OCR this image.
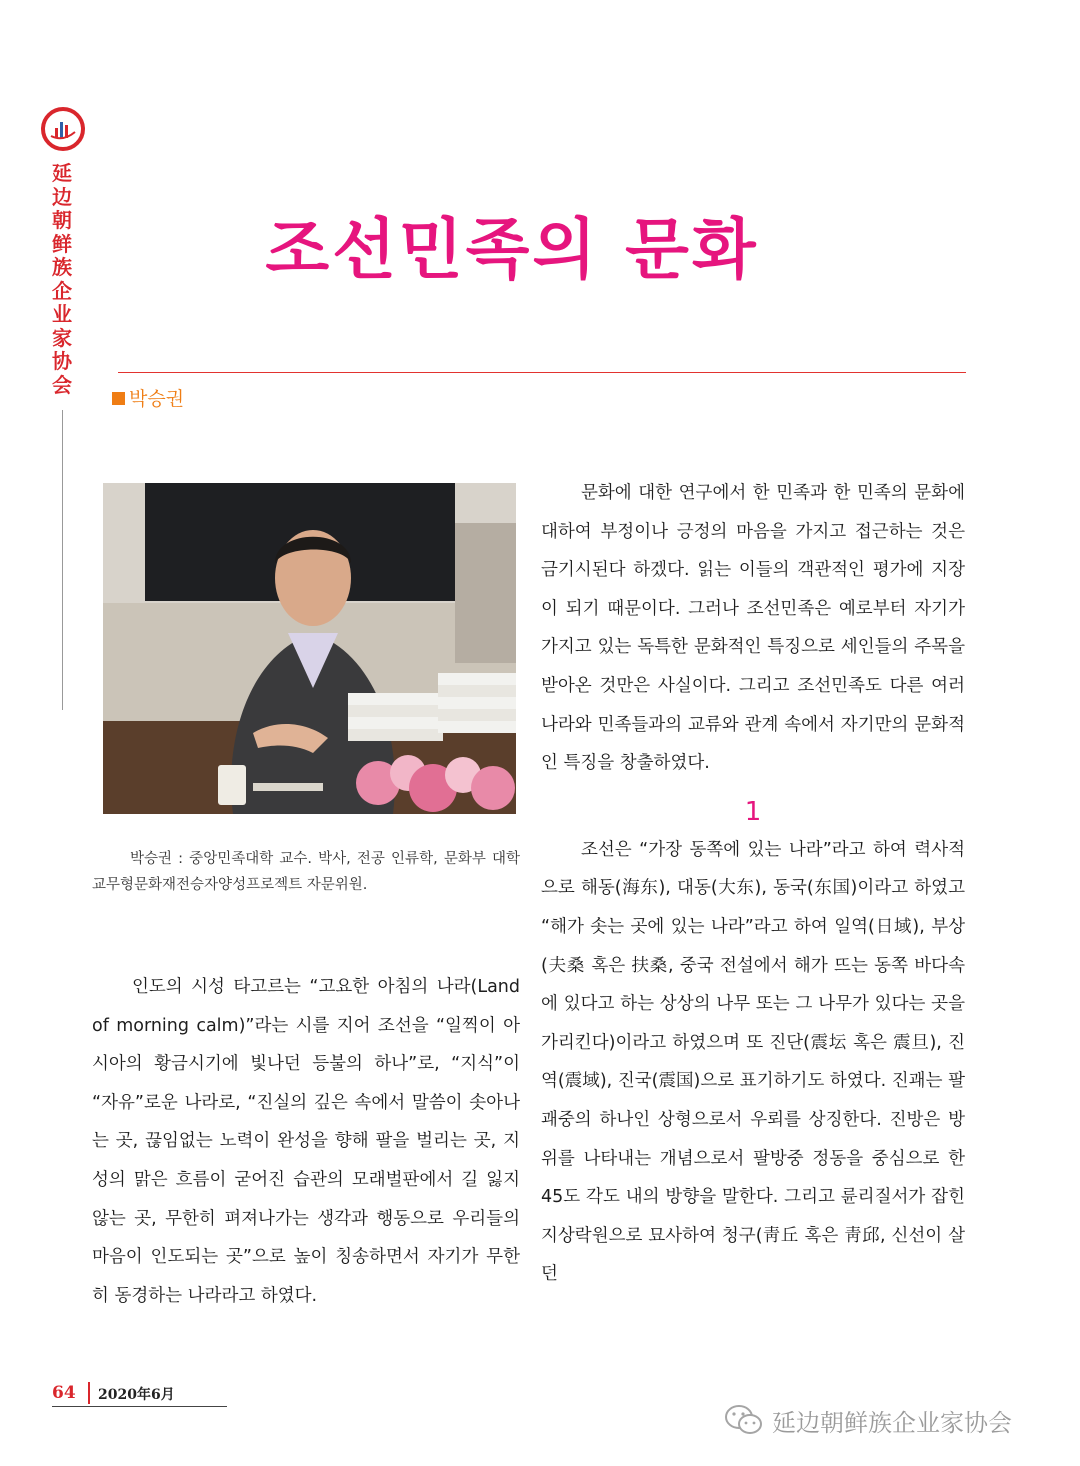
延
边
朝
鲜
族
企
业
家
协
会
조선민족의 문화
박승권
박승권 : 중앙민족대학 교수. 박사, 전공 인류학, 문화부 대학교무형문화재전승자양성프로젝트 자문위원.
인도의 시성 타고르는 “고요한 아침의 나라(Land of morning calm)”라는 시를 지어 조선을 “일찍이 아시아의 황금시기에 빛나던 등불의 하나”로, “지식”이 “자유”로운 나라로, “진실의 깊은 속에서 말씀이 솟아나는 곳, 끊임없는 노력이 완성을 향해 팔을 벌리는 곳, 지성의 맑은 흐름이 굳어진 습관의 모래벌판에서 길 잃지 않는 곳, 무한히 펴져나가는 생각과 행동으로 우리들의 마음이 인도되는 곳”으로 높이 칭송하면서 자기가 무한히 동경하는 나라라고 하였다.

문화에 대한 연구에서 한 민족과 한 민족의 문화에 대하여 부정이나 긍정의 마음을 가지고 접근하는 것은 금기시된다 하겠다. 읽는 이들의 객관적인 평가에 지장이 되기 때문이다. 그러나 조선민족은 예로부터 자기가 가지고 있는 독특한 문화적인 특징으로 세인들의 주목을 받아온 것만은 사실이다. 그리고 조선민족도 다른 여러 나라와 민족들과의 교류와 관계 속에서 자기만의 문화적인 특징을 창출하였다.

1

조선은 “가장 동쪽에 있는 나라”라고 하여 력사적으로 해동(海东), 대동(大东), 동국(东国)이라고 하였고 “해가 솟는 곳에 있는 나라”라고 하여 일역(日域), 부상(夫桑 혹은 扶桑, 중국 전설에서 해가 뜨는 동쪽 바다속에 있다고 하는 상상의 나무 또는 그 나무가 있다는 곳을 가리킨다)이라고 하였으며 또 진단(震坛 혹은 震旦), 진역(震域), 진국(震国)으로 표기하기도 하였다. 진괘는 팔괘중의 하나인 상형으로서 우뢰를 상징한다. 진방은 방위를 나타내는 개념으로서 팔방중 정동을 중심으로 한 45도 각도 내의 방향을 말한다. 그리고 륜리질서가 잡힌 지상락원으로 묘사하여 청구(靑丘 혹은 靑邱, 신선이 살던

64 2020年6月
延边朝鲜族企业家协会
